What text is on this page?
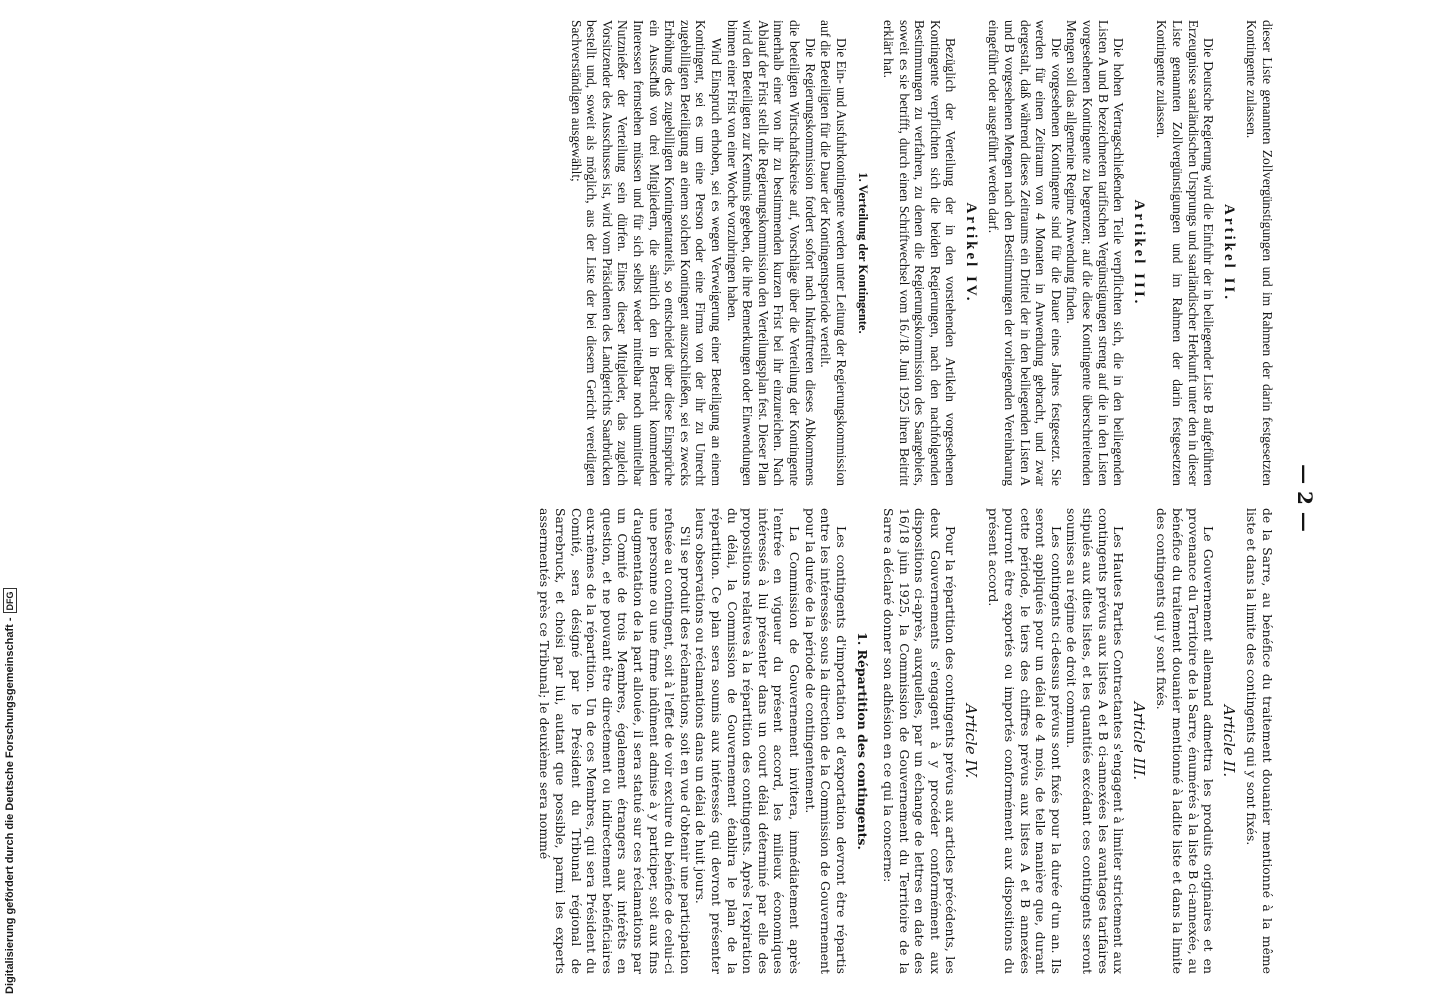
— 2 —

dieser Liste genannten Zollvergünstigungen und im Rahmen der darin festgesetzten Kontingente zulassen.

Artikel II.

Die Deutsche Regierung wird die Einfuhr der in beiliegender Liste B aufgeführten Erzeugnisse saarländischen Ursprungs und saarländischer Herkunft unter den in dieser Liste genannten Zollvergünstigungen und im Rahmen der darin festgesetzten Kontingente zulassen.

Artikel III.

Die hohen Vertragschließenden Teile verpflichten sich, die in den beiliegenden Listen A und B bezeichneten tarifischen Vergünstigungen streng auf die in den Listen vorgesehenen Kontingente zu begrenzen; auf die diese Kontingente überschreitenden Mengen soll das allgemeine Regime Anwendung finden.

Die vorgesehenen Kontingente sind für die Dauer eines Jahres festgesetzt. Sie werden für einen Zeitraum von 4 Monaten in Anwendung gebracht, und zwar dergestalt, daß während dieses Zeitraums ein Drittel der in den beiliegenden Listen A und B vorgesehenen Mengen nach den Bestimmungen der vorliegenden Vereinbarung eingeführt oder ausgeführt werden darf.

Artikel IV.

Bezüglich der Verteilung der in den vorstehenden Artikeln vorgesehenen Kontingente verpflichten sich die beiden Regierungen, nach den nachfolgenden Bestimmungen zu verfahren, zu denen die Regierungskommission des Saargebiets, soweit es sie betrifft, durch einen Schriftwechsel vom 16./18. Juni 1925 ihren Beitritt erklärt hat.

1. Verteilung der Kontingente.

Die Ein- und Ausfuhrkontingente werden unter Leitung der Regierungskommission auf die Beteiligten für die Dauer der Kontingentsperiode verteilt.

Die Regierungskommission fordert sofort nach Inkrafttreten dieses Abkommens die beteiligten Wirtschaftskreise auf, Vorschläge über die Verteilung der Kontingente innerhalb einer von ihr zu bestimmenden kurzen Frist bei ihr einzureichen. Nach Ablauf der Frist stellt die Regierungskommission den Verteilungsplan fest. Dieser Plan wird den Beteiligten zur Kenntnis gegeben, die ihre Bemerkungen oder Einwendungen binnen einer Frist von einer Woche vorzubringen haben.

Wird Einspruch erhoben, sei es wegen Verweigerung einer Beteiligung an einem Kontingent, sei es um eine Person oder eine Firma von der ihr zu Unrecht zugebilligten Beteiligung an einem solchen Kontingent auszuschließen, sei es zwecks Erhöhung des zugebilligten Kontingentanteils, so entscheidet über diese Einsprüche ein Ausschuß von drei Mitgliedern, die sämtlich den in Betracht kommenden Interessen fernstehen müssen und für sich selbst weder mittelbar noch unmittelbar Nutznießer der Verteilung sein dürfen. Eines dieser Mitglieder, das zugleich Vorsitzender des Ausschusses ist, wird vom Präsidenten des Landgerichts Saarbrücken bestellt und, soweit als möglich, aus der Liste der bei diesem Gericht vereidigten Sachverständigen ausgewählt;

de la Sarre, au bénéfice du traitement douanier mentionné à la même liste et dans la limite des contingents qui y sont fixés.

Article II.

Le Gouvernement allemand admettra les produits originaires et en provenance du Territoire de la Sarre, énumérés à la liste B ci-annexée, au bénéfice du traitement douanier mentionné à ladite liste et dans la limite des contingents qui y sont fixés.

Article III.

Les Hautes Parties Contractantes s'engagent à limiter strictement aux contingents prévus aux listes A et B ci-annexées les avantages tarifaires stipulés aux dites listes, et les quantités excédant ces contingents seront soumises au régime de droit commun.

Les contingents ci-dessus prévus sont fixés pour la durée d'un an. Ils seront appliqués pour un délai de 4 mois, de telle manière que, durant cette période, le tiers des chiffres prévus aux listes A et B annexées pourront être exportés ou importés conformément aux dispositions du présent accord.

Article IV.

Pour la répartition des contingents prévus aux articles précédents, les deux Gouvernements s'engagent à y procéder conformément aux dispositions ci-après, auxquelles, par un échange de lettres en date des 16/18 juin 1925, la Commission de Gouvernement du Territoire de la Sarre a déclaré donner son adhésion en ce qui la concerne:

1. Répartition des contingents.

Les contingents d'importation et d'exportation devront être répartis entre les intéressés sous la direction de la Commission de Gouvernement pour la durée de la période de contingentement.

La Commission de Gouvernement invitera, immédiatement après l'entrée en vigueur du présent accord, les milieux économiques intéressés à lui présenter dans un court délai déterminé par elle des propositions relatives à la répartition des contingents. Après l'expiration du délai, la Commission de Gouvernement établira le plan de la répartition. Ce plan sera soumis aux intéressés qui devront présenter leurs observations ou réclamations dans un délai de huit jours.

S'il se produit des réclamations, soit en vue d'obtenir une participation refusée au contingent, soit à l'effet de voir exclure du bénéfice de celui-ci une personne ou une firme indûment admise à y participer, soit aux fins d'augmentation de la part allouée, il sera statué sur ces réclamations par un Comité de trois Membres, également étrangers aux intérêts en question, et ne pouvant être directement ou indirectement bénéficiaires eux-mêmes de la répartition. Un de ces Membres, qui sera Président du Comité, sera désigné par le Président du Tribunal régional de Sarrebruck, et choisi par lui, autant que possible, parmi les experts assermentés près ce Tribunal; le deuxième sera nommé

Digitalisierung gefördert durch die Deutsche Forschungsgemeinschaft -
DFG
